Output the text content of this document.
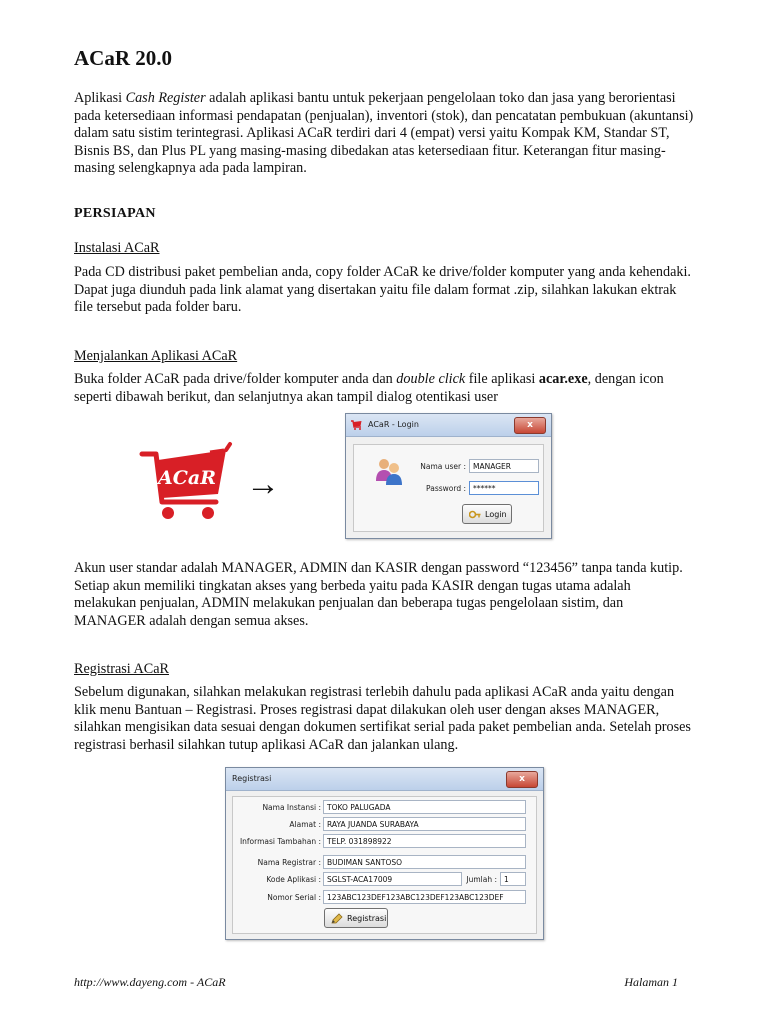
ACaR 20.0

Aplikasi Cash Register adalah aplikasi bantu untuk pekerjaan pengelolaan toko dan jasa yang berorientasi pada ketersediaan informasi pendapatan (penjualan), inventori (stok), dan pencatatan pembukuan (akuntansi) dalam satu sistim terintegrasi. Aplikasi ACaR terdiri dari 4 (empat) versi yaitu Kompak KM, Standar ST, Bisnis BS, dan Plus PL yang masing-masing dibedakan atas ketersediaan fitur. Keterangan fitur masing-masing selengkapnya ada pada lampiran.

PERSIAPAN

Instalasi ACaR

Pada CD distribusi paket pembelian anda, copy folder ACaR ke drive/folder komputer yang anda kehendaki. Dapat juga diunduh pada link alamat yang disertakan yaitu file dalam format .zip, silahkan lakukan ektrak file tersebut pada folder baru.

Menjalankan Aplikasi ACaR

Buka folder ACaR pada drive/folder komputer anda dan double click file aplikasi acar.exe, dengan icon seperti dibawah berikut, dan selanjutnya akan tampil dialog otentikasi user

ACaR →
ACaR - Login	x
Nama user : MANAGER
Password : ******
Login

Akun user standar adalah MANAGER, ADMIN dan KASIR dengan password “123456” tanpa tanda kutip. Setiap akun memiliki tingkatan akses yang berbeda yaitu pada KASIR dengan tugas utama adalah melakukan penjualan, ADMIN melakukan penjualan dan beberapa tugas pengelolaan sistim, dan MANAGER adalah dengan semua akses.

Registrasi ACaR

Sebelum digunakan, silahkan melakukan registrasi terlebih dahulu pada aplikasi ACaR anda yaitu dengan klik menu Bantuan – Registrasi. Proses registrasi dapat dilakukan oleh user dengan akses MANAGER, silahkan mengisikan data sesuai dengan dokumen sertifikat serial pada paket pembelian anda. Setelah proses registrasi berhasil silahkan tutup aplikasi ACaR dan jalankan ulang.

Registrasi	x
Nama Instansi : TOKO PALUGADA
Alamat : RAYA JUANDA SURABAYA
Informasi Tambahan : TELP. 031898922
Nama Registrar : BUDIMAN SANTOSO
Kode Aplikasi : SGLST-ACA17009	Jumlah : 1
Nomor Serial : 123ABC123DEF123ABC123DEF123ABC123DEF
Registrasi
http://www.dayeng.com - ACaR	Halaman 1
